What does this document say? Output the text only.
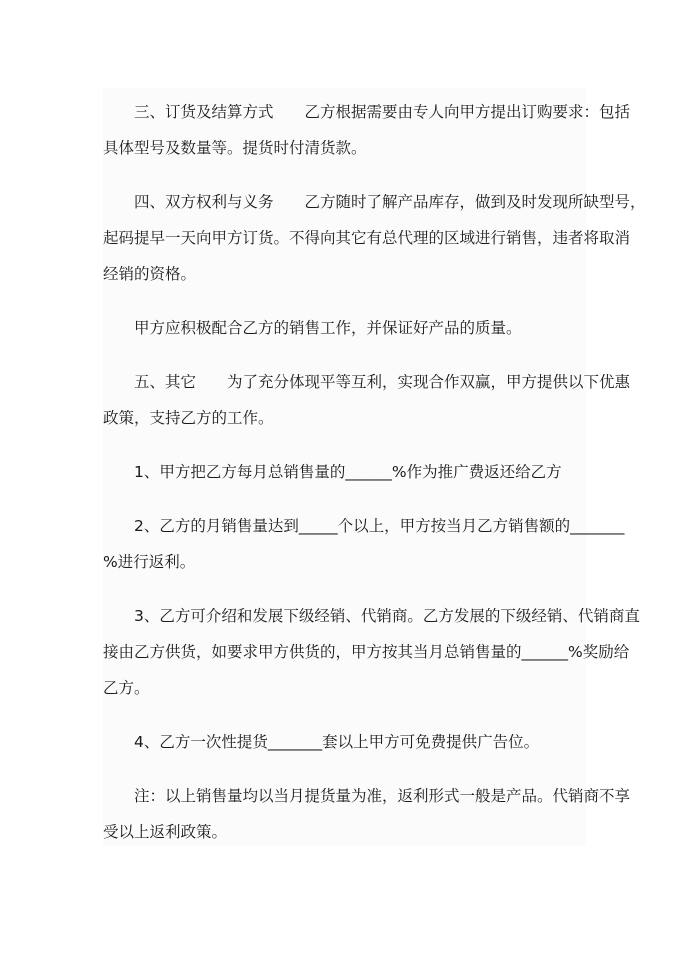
　　三、订货及结算方式　　乙方根据需要由专人向甲方提出订购要求：包括
具体型号及数量等。提货时付清货款。
　　四、双方权利与义务　　乙方随时了解产品库存，做到及时发现所缺型号，
起码提早一天向甲方订货。不得向其它有总代理的区域进行销售，违者将取消
经销的资格。
　　甲方应积极配合乙方的销售工作，并保证好产品的质量。
　　五、其它　　为了充分体现平等互利，实现合作双赢，甲方提供以下优惠
政策，支持乙方的工作。
　　1、甲方把乙方每月总销售量的______%作为推广费返还给乙方
　　2、乙方的月销售量达到_____个以上，甲方按当月乙方销售额的_______
%进行返利。
　　3、乙方可介绍和发展下级经销、代销商。乙方发展的下级经销、代销商直
接由乙方供货，如要求甲方供货的，甲方按其当月总销售量的______%奖励给
乙方。
　　4、乙方一次性提货_______套以上甲方可免费提供广告位。
　　注：以上销售量均以当月提货量为准，返利形式一般是产品。代销商不享
受以上返利政策。
